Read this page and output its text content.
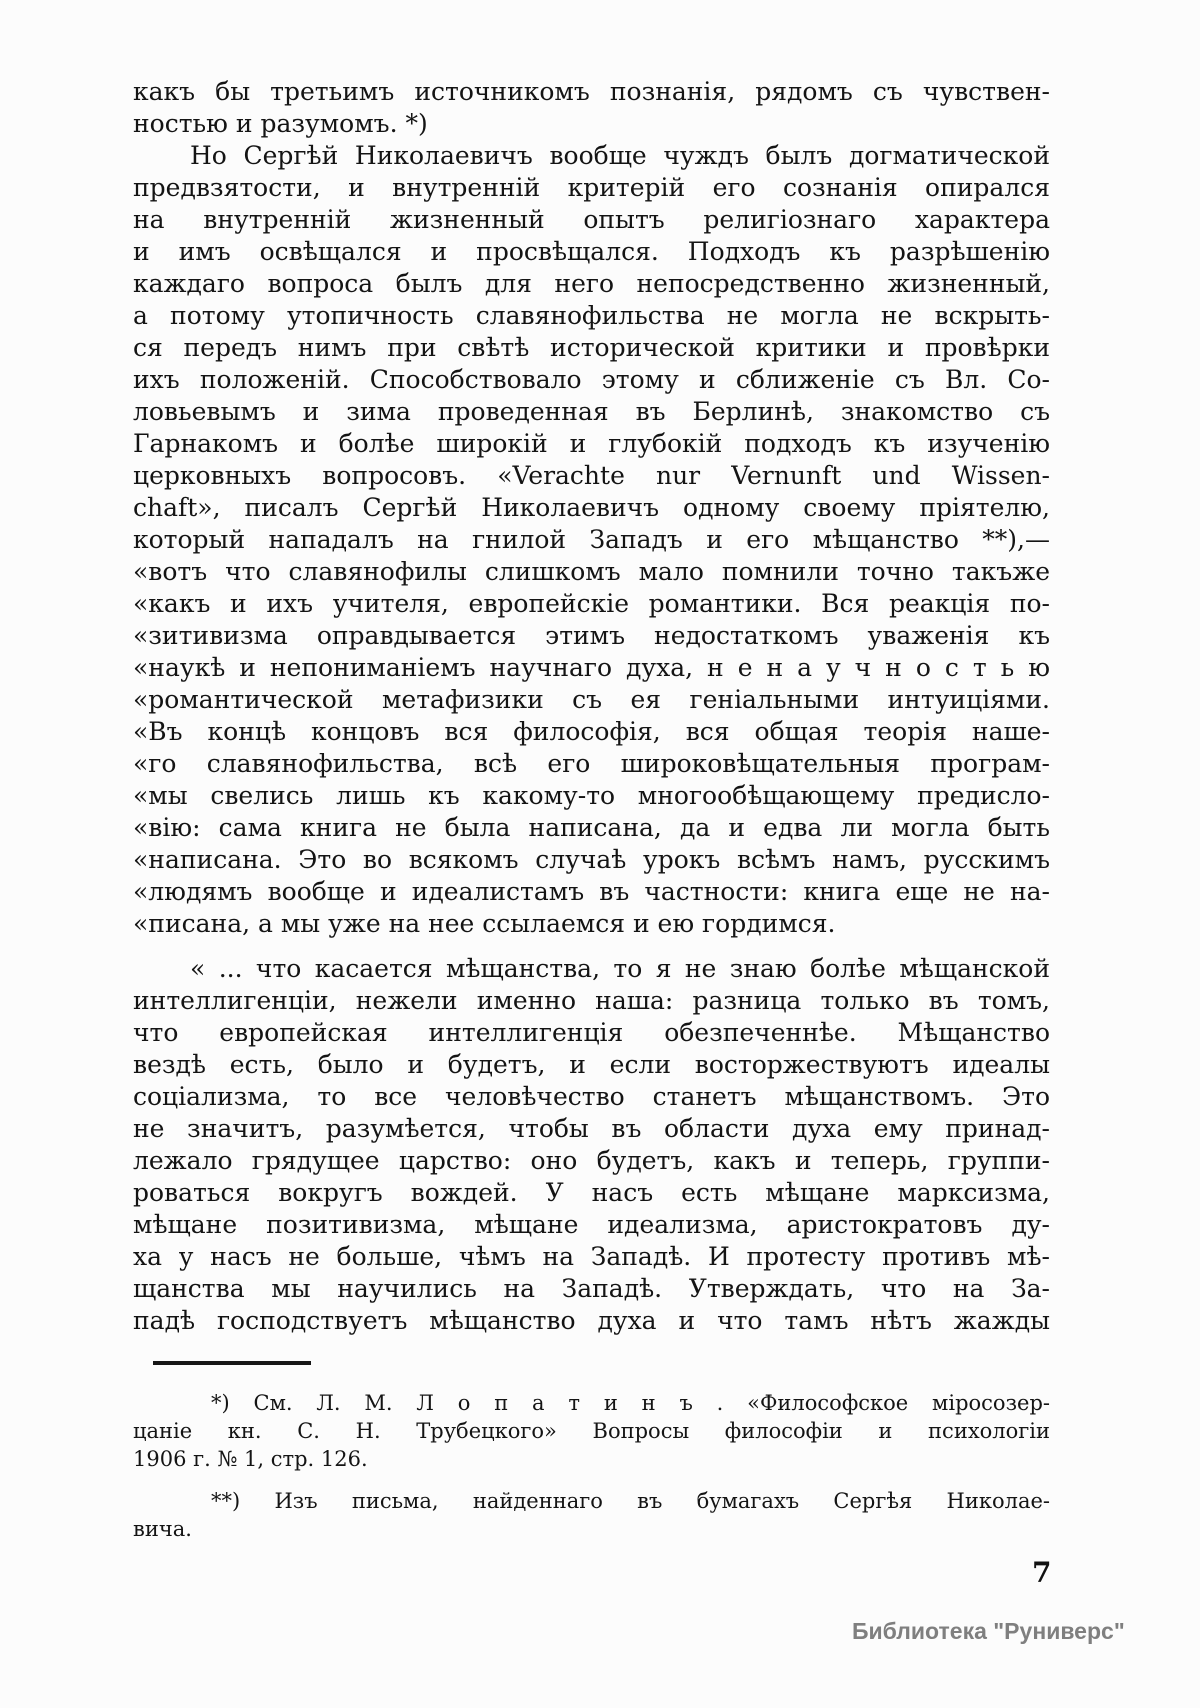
какъ бы третьимъ источникомъ познанія, рядомъ съ чувствен-
ностью и разумомъ. *)
Но Сергѣй Николаевичъ вообще чуждъ былъ догматической
предвзятости, и внутренній критерій его сознанія опирался
на внутренній жизненный опытъ религіознаго характера
и имъ освѣщался и просвѣщался. Подходъ къ разрѣшенію
каждаго вопроса былъ для него непосредственно жизненный,
а потому утопичность славянофильства не могла не вскрыть-
ся передъ нимъ при свѣтѣ исторической критики и провѣрки
ихъ положеній. Способствовало этому и сближеніе съ Вл. Со-
ловьевымъ и зима проведенная въ Берлинѣ, знакомство съ
Гарнакомъ и болѣе широкій и глубокій подходъ къ изученію
церковныхъ вопросовъ. «Verachte nur Vernunft und Wissen-
chaft», писалъ Сергѣй Николаевичъ одному своему пріятелю,
который нападалъ на гнилой Западъ и его мѣщанство **),—
«вотъ что славянофилы слишкомъ мало помнили точно такъже
«какъ и ихъ учителя, европейскіе романтики. Вся реакція по-
«зитивизма оправдывается этимъ недостаткомъ уваженія къ
«наукѣ и непониманіемъ научнаго духа, н е н а у ч н о с т ь ю
«романтической метафизики съ ея геніальными интуиціями.
«Въ концѣ концовъ вся философія, вся общая теорія наше-
«го славянофильства, всѣ его широковѣщательныя програм-
«мы свелись лишь къ какому-то многообѣщающему предисло-
«вію: сама книга не была написана, да и едва ли могла быть
«написана. Это во всякомъ случаѣ урокъ всѣмъ намъ, русскимъ
«людямъ вообще и идеалистамъ въ частности: книга еще не на-
«писана, а мы уже на нее ссылаемся и ею гордимся.
« ... что касается мѣщанства, то я не знаю болѣе мѣщанской
интеллигенціи, нежели именно наша: разница только въ томъ,
что европейская интеллигенція обезпеченнѣе. Мѣщанство
вездѣ есть, было и будетъ, и если восторжествуютъ идеалы
соціализма, то все человѣчество станетъ мѣщанствомъ. Это
не значитъ, разумѣется, чтобы въ области духа ему принад-
лежало грядущее царство: оно будетъ, какъ и теперь, группи-
роваться вокругъ вождей. У насъ есть мѣщане марксизма,
мѣщане позитивизма, мѣщане идеализма, аристократовъ ду-
ха у насъ не больше, чѣмъ на Западѣ. И протесту противъ мѣ-
щанства мы научились на Западѣ. Утверждать, что на За-
падѣ господствуетъ мѣщанство духа и что тамъ нѣтъ жажды
*) См. Л. М. Л о п а т и н ъ . «Философское міросозер-
цаніе кн. С. Н. Трубецкого» Вопросы философіи и психологіи
1906 г. № 1, стр. 126.
**) Изъ письма, найденнаго въ бумагахъ Сергѣя Николае-
вича.
7
Библиотека "Руниверс"
